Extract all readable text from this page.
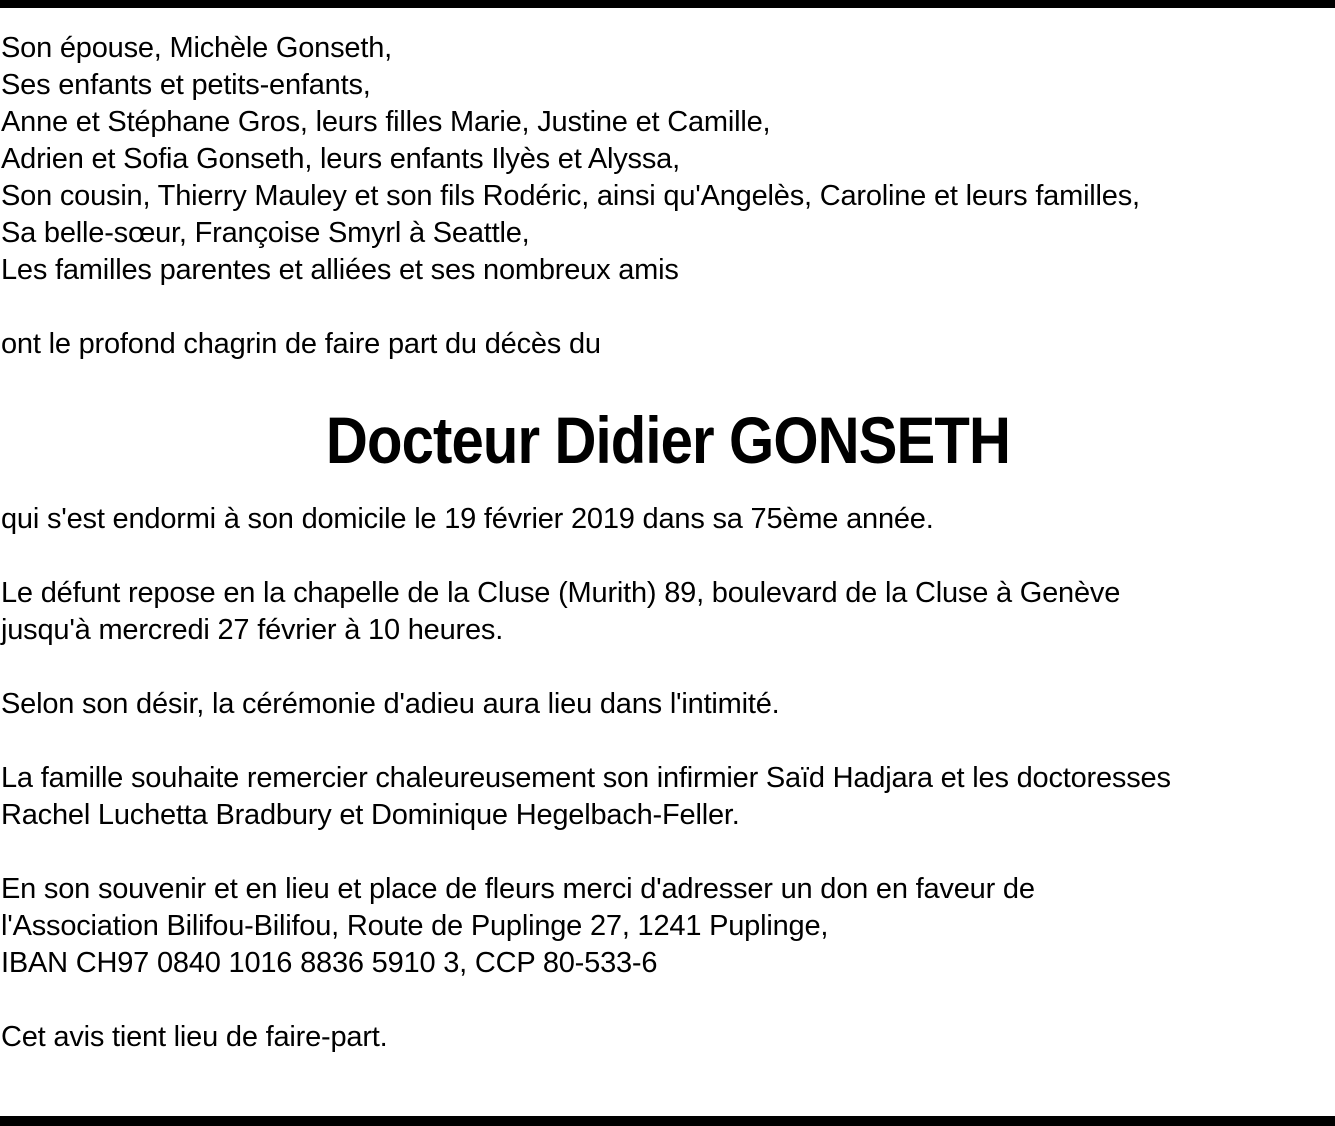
Son épouse, Michèle Gonseth,
Ses enfants et petits-enfants,
Anne et Stéphane Gros, leurs filles Marie, Justine et Camille,
Adrien et Sofia Gonseth, leurs enfants Ilyès et Alyssa,
Son cousin, Thierry Mauley et son fils Rodéric, ainsi qu'Angelès, Caroline et leurs familles,
Sa belle-sœur, Françoise Smyrl à Seattle,
Les familles parentes et alliées et ses nombreux amis
ont le profond chagrin de faire part du décès du
Docteur Didier GONSETH
qui s'est endormi à son domicile le 19 février 2019 dans sa 75ème année.
Le défunt repose en la chapelle de la Cluse (Murith) 89, boulevard de la Cluse à Genève
jusqu'à mercredi 27 février à 10 heures.
Selon son désir, la cérémonie d'adieu aura lieu dans l'intimité.
La famille souhaite remercier chaleureusement son infirmier Saïd Hadjara et les doctoresses
Rachel Luchetta Bradbury et Dominique Hegelbach-Feller.
En son souvenir et en lieu et place de fleurs merci d'adresser un don en faveur de
l'Association Bilifou-Bilifou, Route de Puplinge 27, 1241 Puplinge,
IBAN CH97 0840 1016 8836 5910 3, CCP 80-533-6
Cet avis tient lieu de faire-part.
